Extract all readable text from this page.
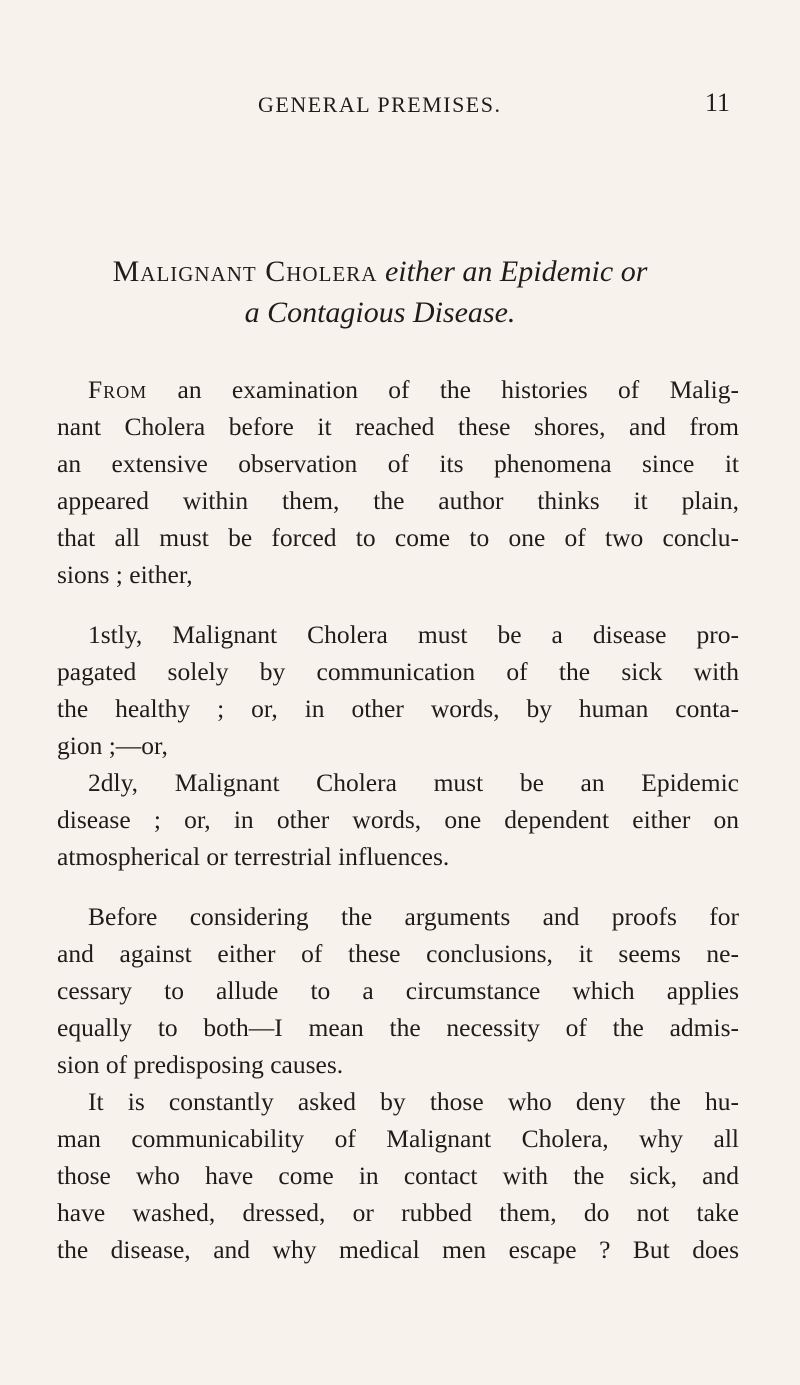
GENERAL PREMISES.	11
Malignant Cholera either an Epidemic or
a Contagious Disease.
From an examination of the histories of Malig-
nant Cholera before it reached these shores, and from
an extensive observation of its phenomena since it
appeared within them, the author thinks it plain,
that all must be forced to come to one of two conclu-
sions ; either,
1stly, Malignant Cholera must be a disease pro-
pagated solely by communication of the sick with
the healthy ; or, in other words, by human conta-
gion ;—or,
2dly, Malignant Cholera must be an Epidemic
disease ; or, in other words, one dependent either on
atmospherical or terrestrial influences.
Before considering the arguments and proofs for
and against either of these conclusions, it seems ne-
cessary to allude to a circumstance which applies
equally to both—I mean the necessity of the admis-
sion of predisposing causes.
It is constantly asked by those who deny the hu-
man communicability of Malignant Cholera, why all
those who have come in contact with the sick, and
have washed, dressed, or rubbed them, do not take
the disease, and why medical men escape ? But does
